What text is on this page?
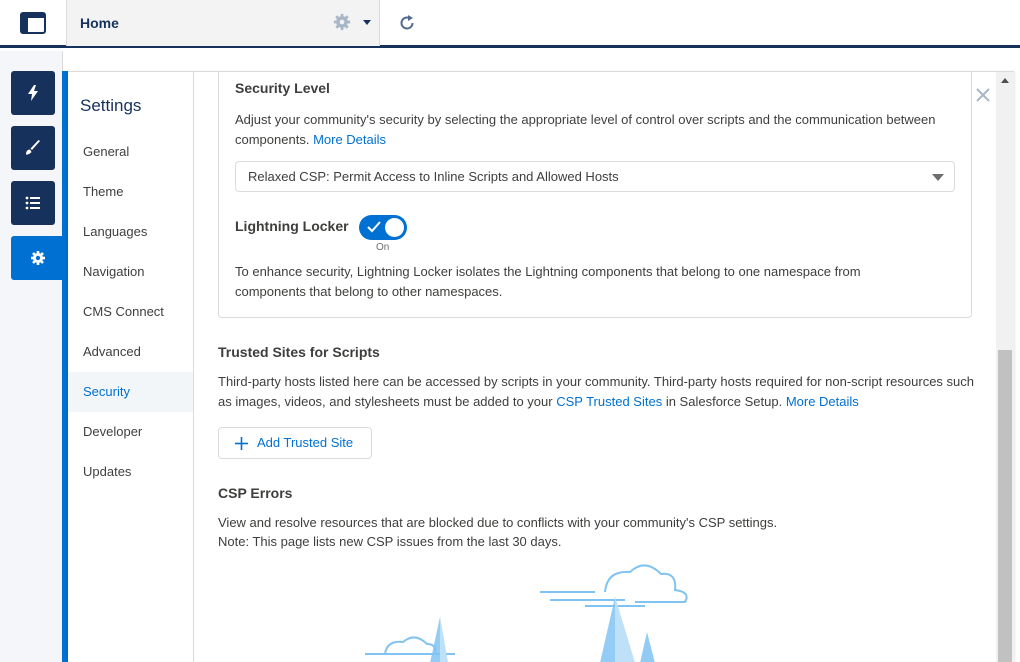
Home
Settings
General
Theme
Languages
Navigation
CMS Connect
Advanced
Security
Developer
Updates
Security Level
Adjust your community's security by selecting the appropriate level of control over scripts and the communication between components. More Details
Relaxed CSP: Permit Access to Inline Scripts and Allowed Hosts
Lightning Locker
On
To enhance security, Lightning Locker isolates the Lightning components that belong to one namespace from components that belong to other namespaces.
Trusted Sites for Scripts
Third-party hosts listed here can be accessed by scripts in your community. Third-party hosts required for non-script resources such as images, videos, and stylesheets must be added to your CSP Trusted Sites in Salesforce Setup. More Details
Add Trusted Site
CSP Errors
View and resolve resources that are blocked due to conflicts with your community's CSP settings.
Note: This page lists new CSP issues from the last 30 days.
